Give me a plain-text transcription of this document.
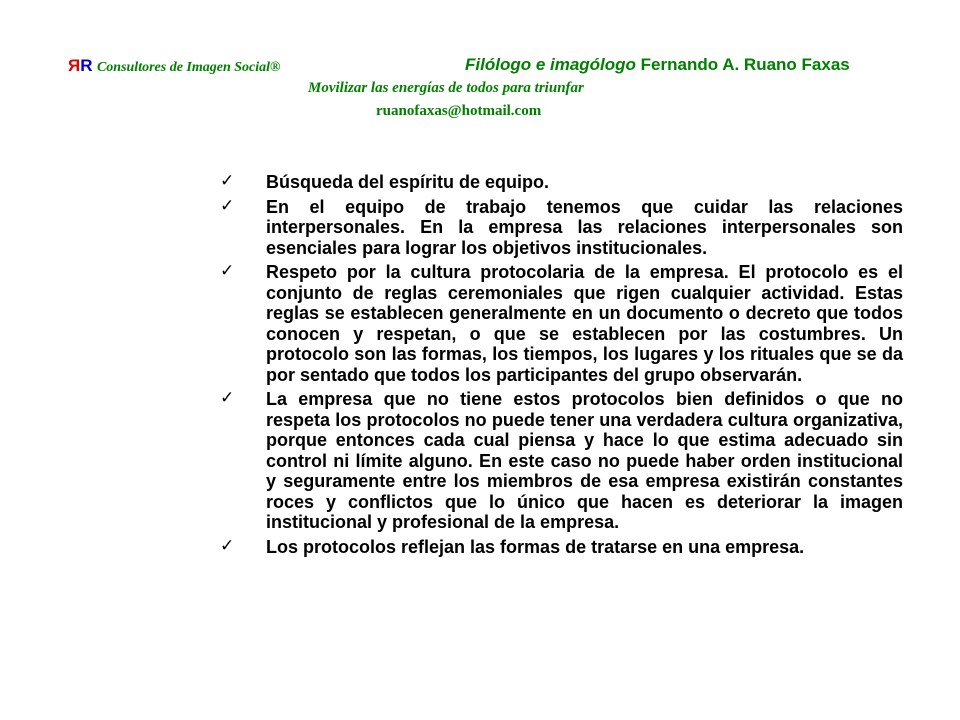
ЯR Consultores de Imagen Social®	Filólogo e imagólogo Fernando A. Ruano Faxas
Movilizar las energías de todos para triunfar
ruanofaxas@hotmail.com
✓ Búsqueda del espíritu de equipo.
✓ En el equipo de trabajo tenemos que cuidar las relaciones interpersonales. En la empresa las relaciones interpersonales son esenciales para lograr los objetivos institucionales.
✓ Respeto por la cultura protocolaria de la empresa. El protocolo es el conjunto de reglas ceremoniales que rigen cualquier actividad. Estas reglas se establecen generalmente en un documento o decreto que todos conocen y respetan, o que se establecen por las costumbres. Un protocolo son las formas, los tiempos, los lugares y los rituales que se da por sentado que todos los participantes del grupo observarán.
✓ La empresa que no tiene estos protocolos bien definidos o que no respeta los protocolos no puede tener una verdadera cultura organizativa, porque entonces cada cual piensa y hace lo que estima adecuado sin control ni límite alguno. En este caso no puede haber orden institucional y seguramente entre los miembros de esa empresa existirán constantes roces y conflictos que lo único que hacen es deteriorar la imagen institucional y profesional de la empresa.
✓ Los protocolos reflejan las formas de tratarse en una empresa.
